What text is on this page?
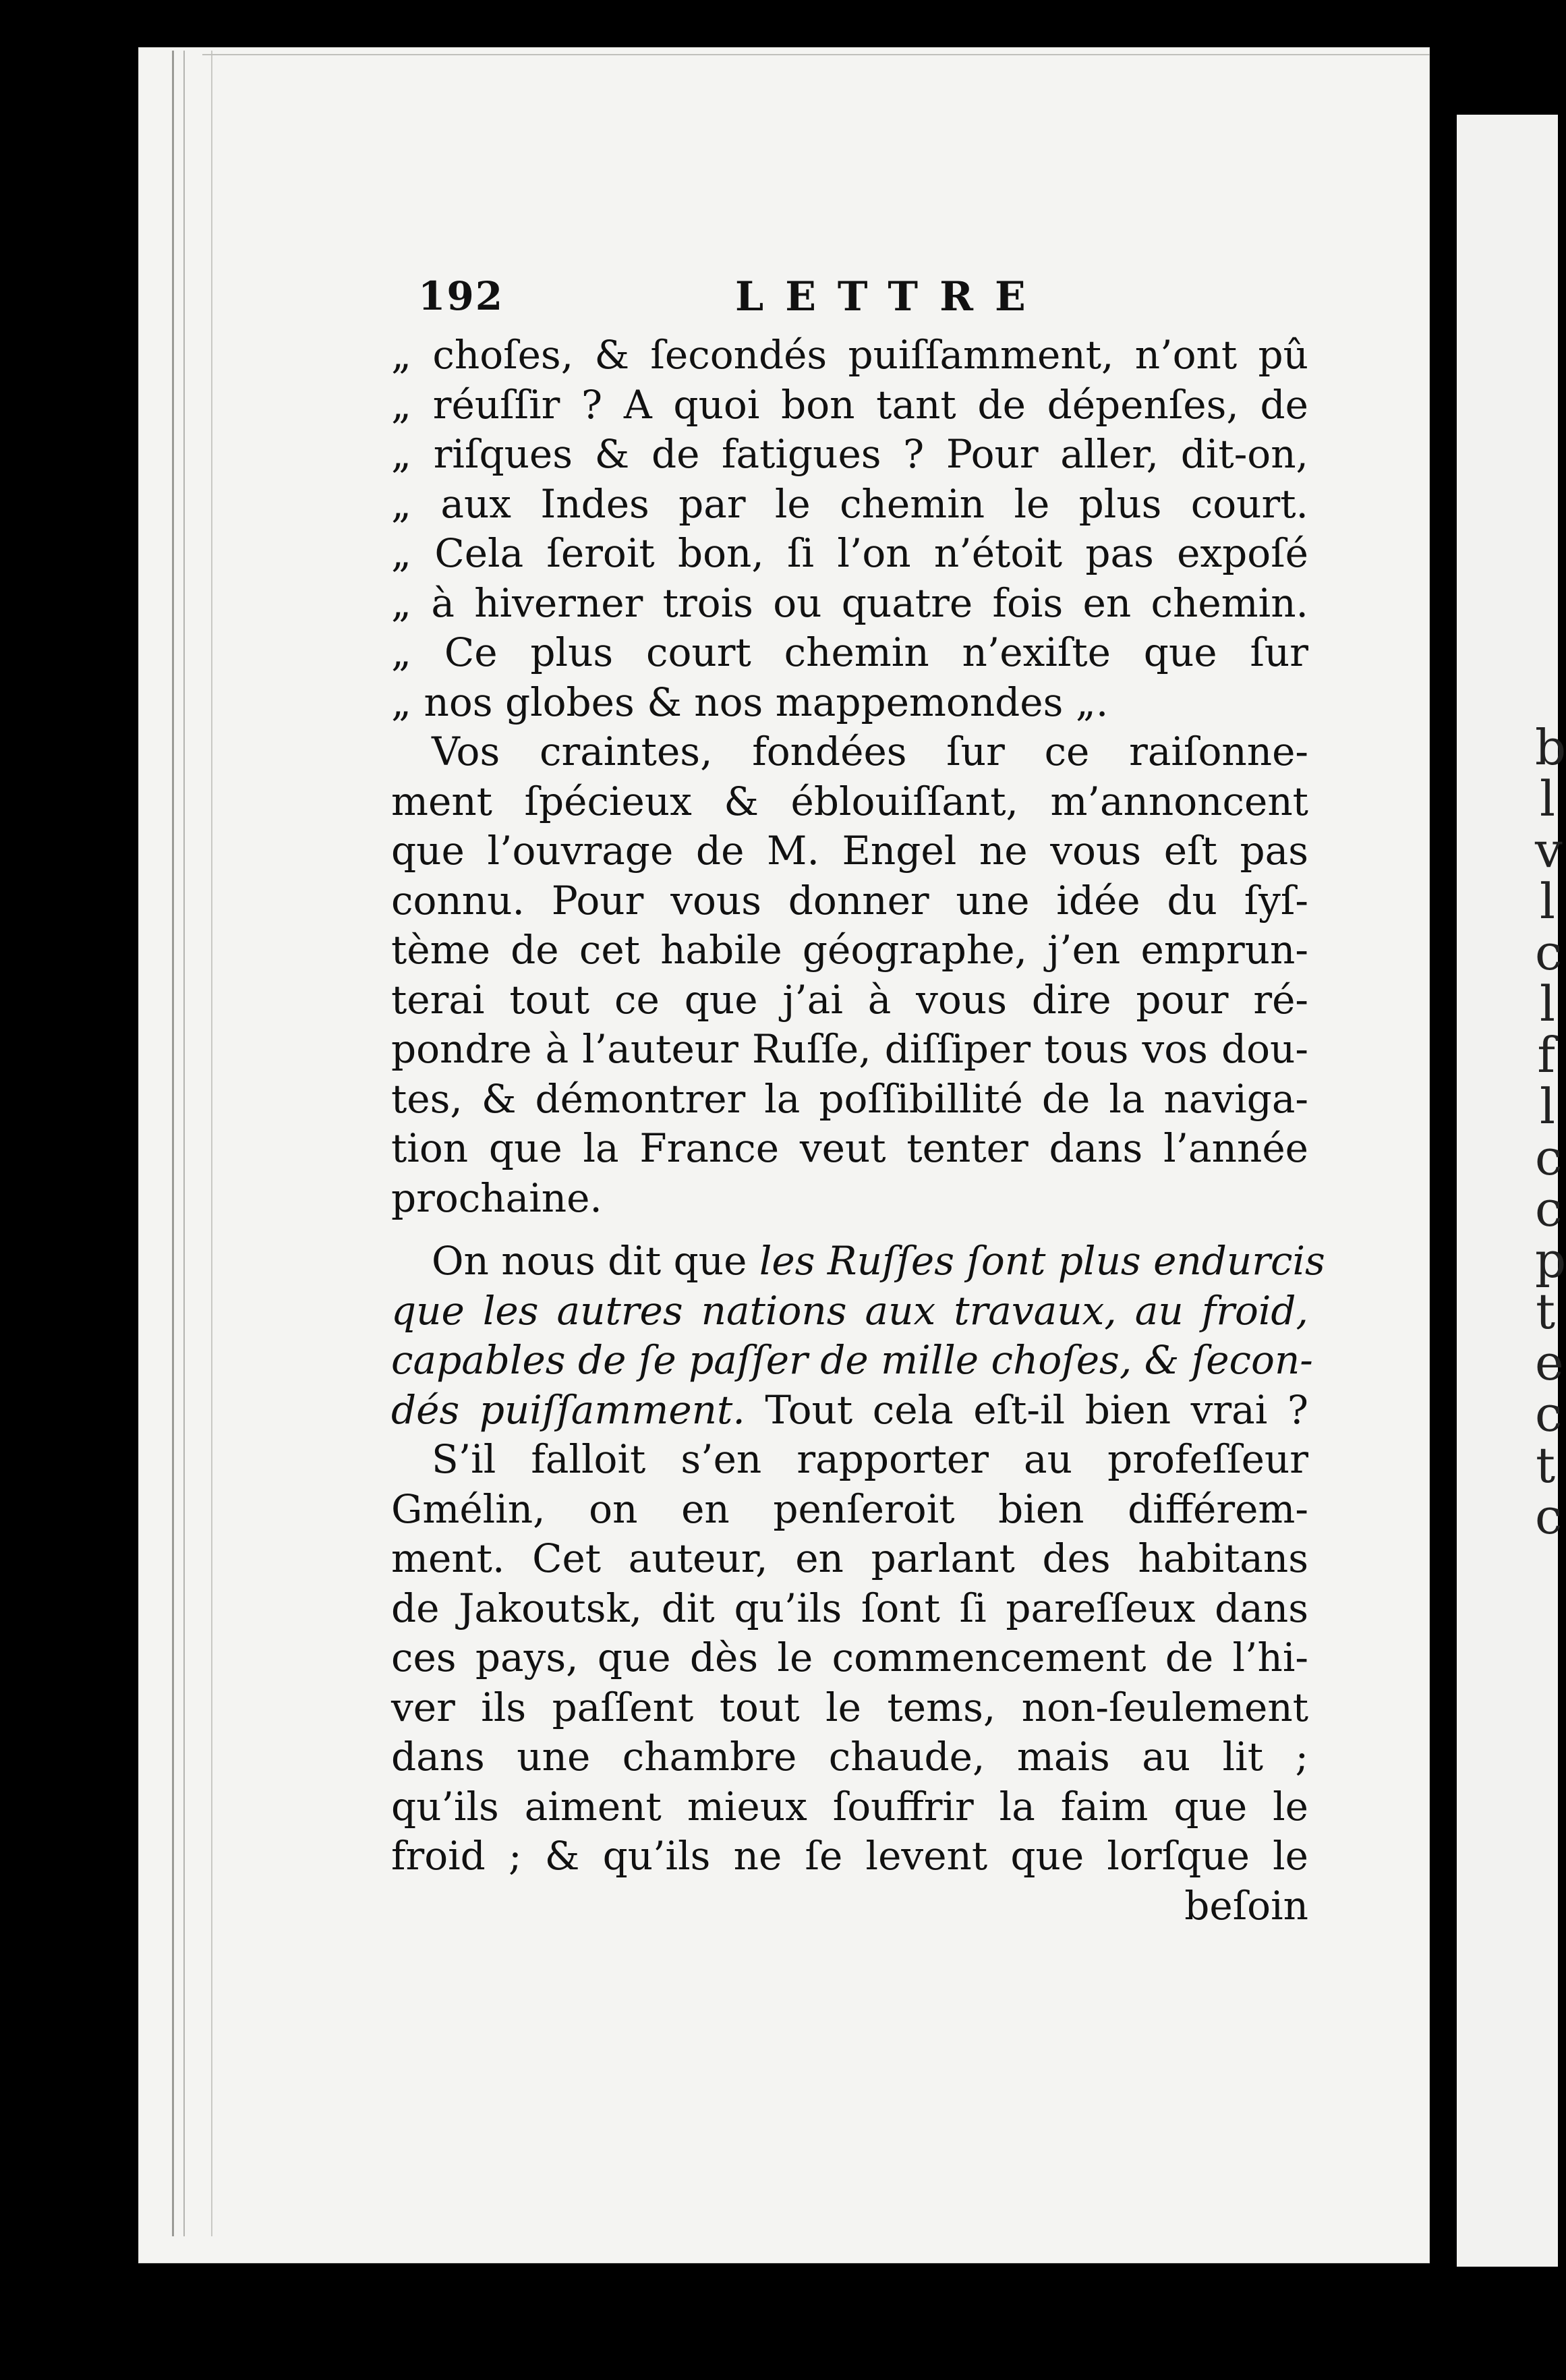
b
l
v
l
c
l
f
l
c
c
p
t
e
c
t
c
192	LETTRE
„ choſes, & ſecondés puiſſamment, n’ont pû
„ réuſſir ? A quoi bon tant de dépenſes, de
„ riſques & de fatigues ? Pour aller, dit-on,
„ aux Indes par le chemin le plus court.
„ Cela ſeroit bon, ſi l’on n’étoit pas expoſé
„ à hiverner trois ou quatre fois en chemin.
„ Ce plus court chemin n’exiſte que ſur
„ nos globes & nos mappemondes „.
Vos craintes, fondées ſur ce raiſonne-
ment ſpécieux & éblouiſſant, m’annoncent
que l’ouvrage de M. Engel ne vous eſt pas
connu. Pour vous donner une idée du ſyſ-
tème de cet habile géographe, j’en emprun-
terai tout ce que j’ai à vous dire pour ré-
pondre à l’auteur Ruſſe, diſſiper tous vos dou-
tes, & démontrer la poſſibillité de la naviga-
tion que la France veut tenter dans l’année
prochaine.
On nous dit que les Ruſſes ſont plus endurcis
que les autres nations aux travaux, au froid,
capables de ſe paſſer de mille choſes, & ſecon-
dés puiſſamment. Tout cela eſt-il bien vrai ?
S’il falloit s’en rapporter au profeſſeur
Gmélin, on en penſeroit bien différem-
ment. Cet auteur, en parlant des habitans
de Jakoutsk, dit qu’ils ſont ſi pareſſeux dans
ces pays, que dès le commencement de l’hi-
ver ils paſſent tout le tems, non-ſeulement
dans une chambre chaude, mais au lit ;
qu’ils aiment mieux ſouffrir la faim que le
froid ; & qu’ils ne ſe levent que lorſque le
beſoin
